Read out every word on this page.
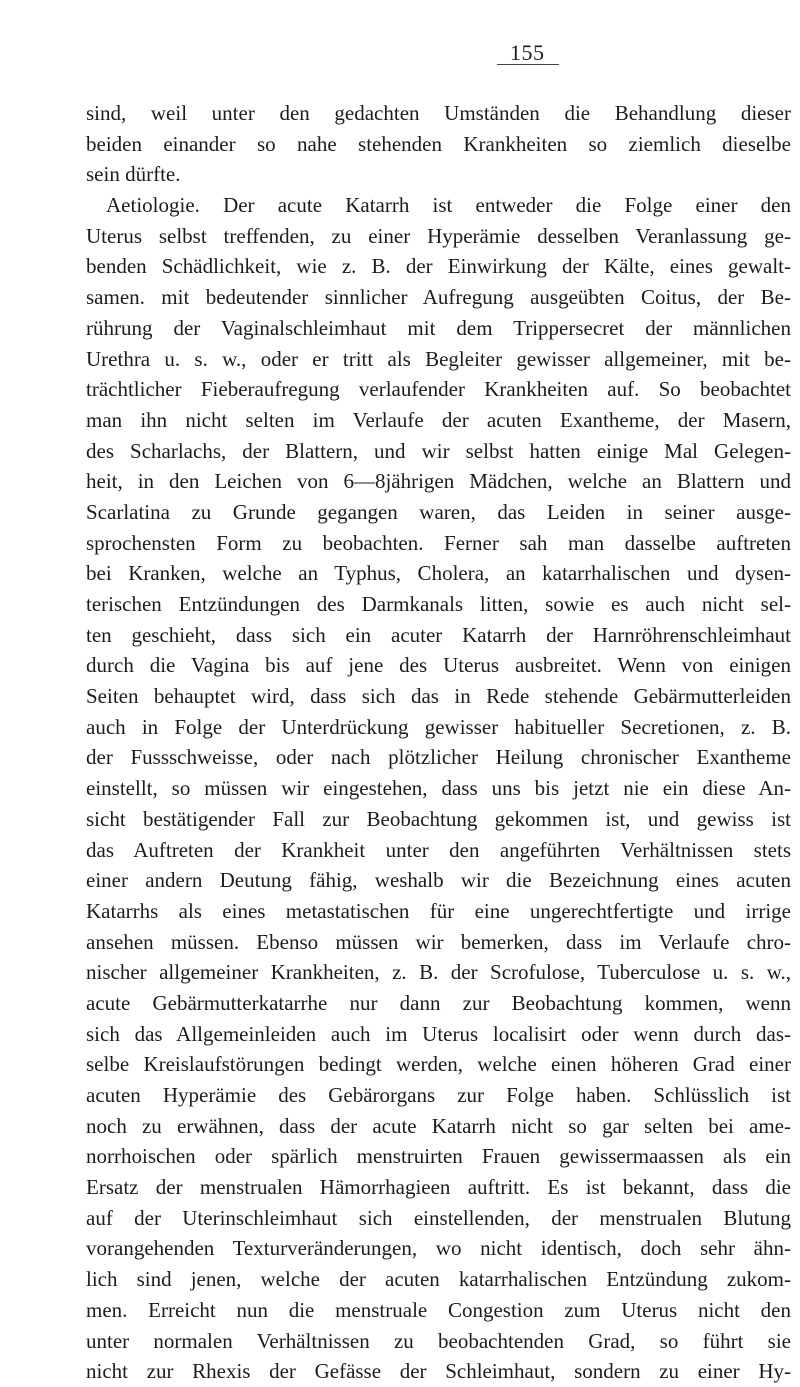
155
sind, weil unter den gedachten Umständen die Behandlung dieser
beiden einander so nahe stehenden Krankheiten so ziemlich dieselbe
sein dürfte.
Aetiologie. Der acute Katarrh ist entweder die Folge einer den
Uterus selbst treffenden, zu einer Hyperämie desselben Veranlassung ge-
benden Schädlichkeit, wie z. B. der Einwirkung der Kälte, eines gewalt-
samen. mit bedeutender sinnlicher Aufregung ausgeübten Coitus, der Be-
rührung der Vaginalschleimhaut mit dem Trippersecret der männlichen
Urethra u. s. w., oder er tritt als Begleiter gewisser allgemeiner, mit be-
trächtlicher Fieberaufregung verlaufender Krankheiten auf. So beobachtet
man ihn nicht selten im Verlaufe der acuten Exantheme, der Masern,
des Scharlachs, der Blattern, und wir selbst hatten einige Mal Gelegen-
heit, in den Leichen von 6—8jährigen Mädchen, welche an Blattern und
Scarlatina zu Grunde gegangen waren, das Leiden in seiner ausge-
sprochensten Form zu beobachten. Ferner sah man dasselbe auftreten
bei Kranken, welche an Typhus, Cholera, an katarrhalischen und dysen-
terischen Entzündungen des Darmkanals litten, sowie es auch nicht sel-
ten geschieht, dass sich ein acuter Katarrh der Harnröhrenschleimhaut
durch die Vagina bis auf jene des Uterus ausbreitet. Wenn von einigen
Seiten behauptet wird, dass sich das in Rede stehende Gebärmutterleiden
auch in Folge der Unterdrückung gewisser habitueller Secretionen, z. B.
der Fussschweisse, oder nach plötzlicher Heilung chronischer Exantheme
einstellt, so müssen wir eingestehen, dass uns bis jetzt nie ein diese An-
sicht bestätigender Fall zur Beobachtung gekommen ist, und gewiss ist
das Auftreten der Krankheit unter den angeführten Verhältnissen stets
einer andern Deutung fähig, weshalb wir die Bezeichnung eines acuten
Katarrhs als eines metastatischen für eine ungerechtfertigte und irrige
ansehen müssen. Ebenso müssen wir bemerken, dass im Verlaufe chro-
nischer allgemeiner Krankheiten, z. B. der Scrofulose, Tuberculose u. s. w.,
acute Gebärmutterkatarrhe nur dann zur Beobachtung kommen, wenn
sich das Allgemeinleiden auch im Uterus localisirt oder wenn durch das-
selbe Kreislaufstörungen bedingt werden, welche einen höheren Grad einer
acuten Hyperämie des Gebärorgans zur Folge haben. Schlüsslich ist
noch zu erwähnen, dass der acute Katarrh nicht so gar selten bei ame-
norrhoischen oder spärlich menstruirten Frauen gewissermaassen als ein
Ersatz der menstrualen Hämorrhagieen auftritt. Es ist bekannt, dass die
auf der Uterinschleimhaut sich einstellenden, der menstrualen Blutung
vorangehenden Texturveränderungen, wo nicht identisch, doch sehr ähn-
lich sind jenen, welche der acuten katarrhalischen Entzündung zukom-
men. Erreicht nun die menstruale Congestion zum Uterus nicht den
unter normalen Verhältnissen zu beobachtenden Grad, so führt sie
nicht zur Rhexis der Gefässe der Schleimhaut, sondern zu einer Hy-
